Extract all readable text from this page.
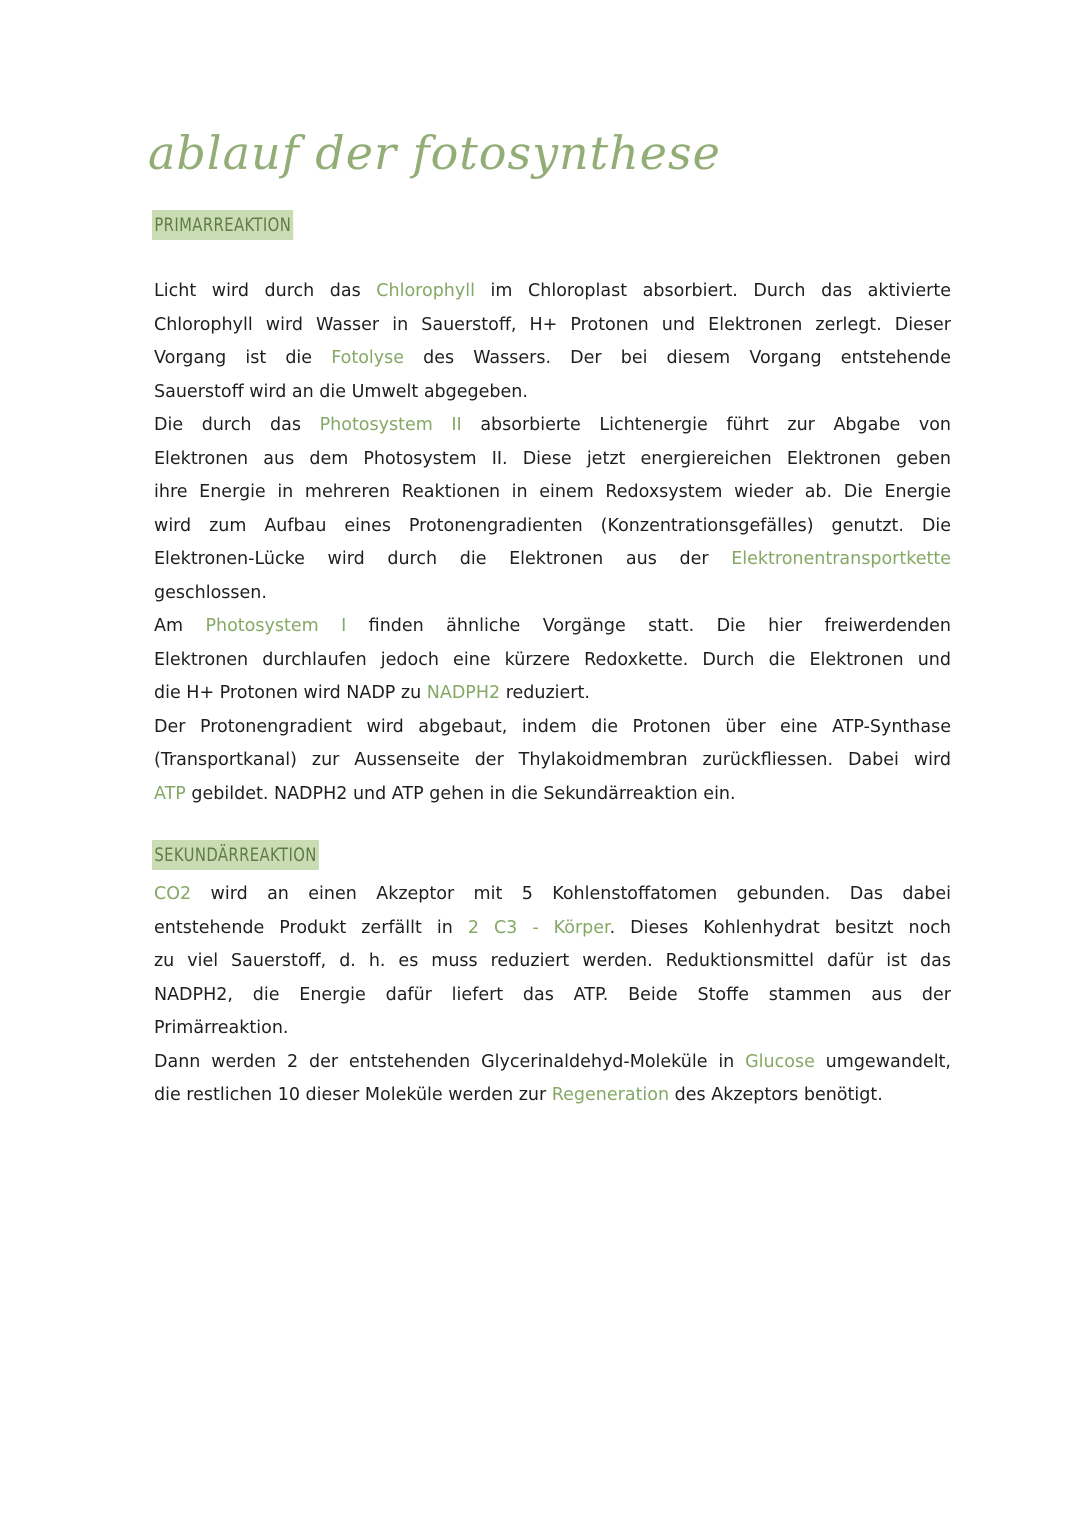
ablauf der fotosynthese
PRIMARREAKTION
Licht wird durch das Chlorophyll im Chloroplast absorbiert. Durch das aktivierte
Chlorophyll wird Wasser in Sauerstoff, H+ Protonen und Elektronen zerlegt. Dieser
Vorgang ist die Fotolyse des Wassers. Der bei diesem Vorgang entstehende
Sauerstoff wird an die Umwelt abgegeben.
Die durch das Photosystem II absorbierte Lichtenergie führt zur Abgabe von
Elektronen aus dem Photosystem II. Diese jetzt energiereichen Elektronen geben
ihre Energie in mehreren Reaktionen in einem Redoxsystem wieder ab. Die Energie
wird zum Aufbau eines Protonengradienten (Konzentrationsgefälles) genutzt. Die
Elektronen-Lücke wird durch die Elektronen aus der Elektronentransportkette
geschlossen.
Am Photosystem I finden ähnliche Vorgänge statt. Die hier freiwerdenden
Elektronen durchlaufen jedoch eine kürzere Redoxkette. Durch die Elektronen und
die H+ Protonen wird NADP zu NADPH2 reduziert.
Der Protonengradient wird abgebaut, indem die Protonen über eine ATP-Synthase
(Transportkanal) zur Aussenseite der Thylakoidmembran zurückfliessen. Dabei wird
ATP gebildet. NADPH2 und ATP gehen in die Sekundärreaktion ein.
SEKUNDÄRREAKTION
CO2 wird an einen Akzeptor mit 5 Kohlenstoffatomen gebunden. Das dabei
entstehende Produkt zerfällt in 2 C3 - Körper. Dieses Kohlenhydrat besitzt noch
zu viel Sauerstoff, d. h. es muss reduziert werden. Reduktionsmittel dafür ist das
NADPH2, die Energie dafür liefert das ATP. Beide Stoffe stammen aus der
Primärreaktion.
Dann werden 2 der entstehenden Glycerinaldehyd-Moleküle in Glucose umgewandelt,
die restlichen 10 dieser Moleküle werden zur Regeneration des Akzeptors benötigt.
